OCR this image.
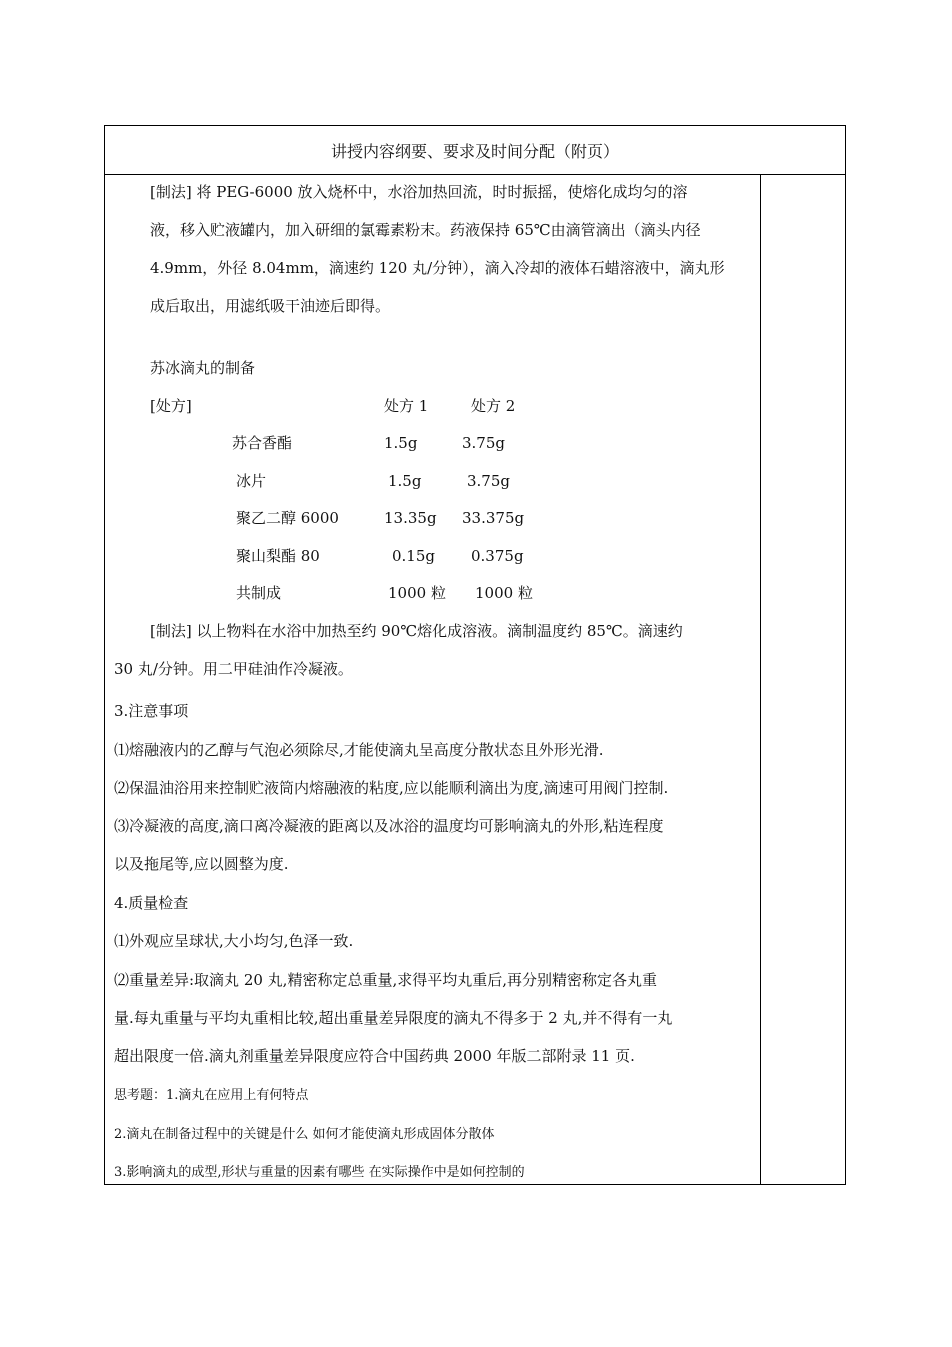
讲授内容纲要、要求及时间分配（附页）
[制法] 将 PEG-6000 放入烧杯中，水浴加热回流，时时振摇，使熔化成均匀的溶
液，移入贮液罐内，加入研细的氯霉素粉末。药液保持 65℃由滴管滴出（滴头内径
4.9mm，外径 8.04mm，滴速约 120 丸/分钟），滴入冷却的液体石蜡溶液中，滴丸形
成后取出，用滤纸吸干油迹后即得。
苏冰滴丸的制备
[处方]	处方 1	处方 2
苏合香酯	1.5g	3.75g
冰片	1.5g	3.75g
聚乙二醇 6000	13.35g 33.375g
聚山梨酯 80	0.15g 0.375g
共制成	1000 粒 1000 粒
[制法] 以上物料在水浴中加热至约 90℃熔化成溶液。滴制温度约 85℃。滴速约
30 丸/分钟。用二甲硅油作冷凝液。
3.注意事项
⑴熔融液内的乙醇与气泡必须除尽,才能使滴丸呈高度分散状态且外形光滑.
⑵保温油浴用来控制贮液筒内熔融液的粘度,应以能顺利滴出为度,滴速可用阀门控制.
⑶冷凝液的高度,滴口离冷凝液的距离以及冰浴的温度均可影响滴丸的外形,粘连程度
以及拖尾等,应以圆整为度.
4.质量检查
⑴外观应呈球状,大小均匀,色泽一致.
⑵重量差异:取滴丸 20 丸,精密称定总重量,求得平均丸重后,再分别精密称定各丸重
量.每丸重量与平均丸重相比较,超出重量差异限度的滴丸不得多于 2 丸,并不得有一丸
超出限度一倍.滴丸剂重量差异限度应符合中国药典 2000 年版二部附录 11 页.
思考题：1.滴丸在应用上有何特点
2.滴丸在制备过程中的关键是什么 如何才能使滴丸形成固体分散体
3.影响滴丸的成型,形状与重量的因素有哪些 在实际操作中是如何控制的
